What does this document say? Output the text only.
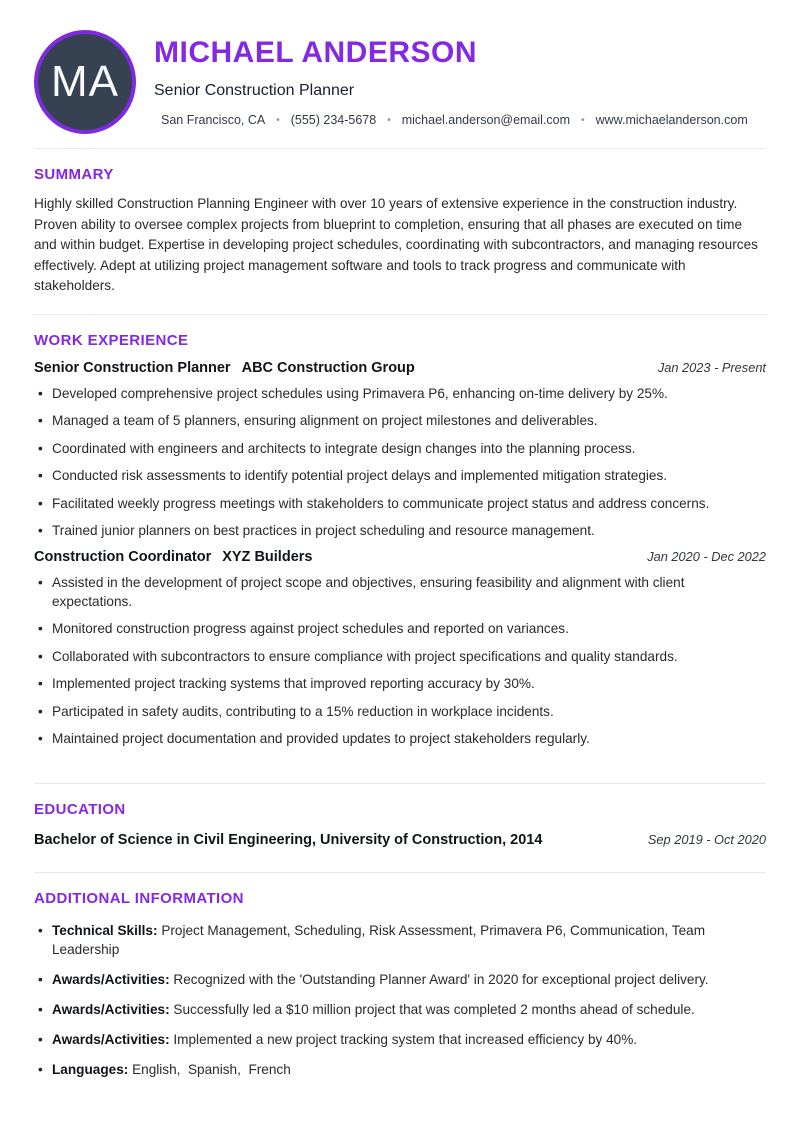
MA
MICHAEL ANDERSON
Senior Construction Planner
San Francisco, CA • (555) 234-5678 • michael.anderson@email.com • www.michaelanderson.com
SUMMARY
Highly skilled Construction Planning Engineer with over 10 years of extensive experience in the construction industry. Proven ability to oversee complex projects from blueprint to completion, ensuring that all phases are executed on time and within budget. Expertise in developing project schedules, coordinating with subcontractors, and managing resources effectively. Adept at utilizing project management software and tools to track progress and communicate with stakeholders.
WORK EXPERIENCE
Senior Construction Planner ABC Construction Group	Jan 2023 - Present
• Developed comprehensive project schedules using Primavera P6, enhancing on-time delivery by 25%.
• Managed a team of 5 planners, ensuring alignment on project milestones and deliverables.
• Coordinated with engineers and architects to integrate design changes into the planning process.
• Conducted risk assessments to identify potential project delays and implemented mitigation strategies.
• Facilitated weekly progress meetings with stakeholders to communicate project status and address concerns.
• Trained junior planners on best practices in project scheduling and resource management.
Construction Coordinator XYZ Builders	Jan 2020 - Dec 2022
• Assisted in the development of project scope and objectives, ensuring feasibility and alignment with client expectations.
• Monitored construction progress against project schedules and reported on variances.
• Collaborated with subcontractors to ensure compliance with project specifications and quality standards.
• Implemented project tracking systems that improved reporting accuracy by 30%.
• Participated in safety audits, contributing to a 15% reduction in workplace incidents.
• Maintained project documentation and provided updates to project stakeholders regularly.
EDUCATION
Bachelor of Science in Civil Engineering, University of Construction, 2014	Sep 2019 - Oct 2020
ADDITIONAL INFORMATION
• Technical Skills: Project Management, Scheduling, Risk Assessment, Primavera P6, Communication, Team Leadership
• Awards/Activities: Recognized with the 'Outstanding Planner Award' in 2020 for exceptional project delivery.
• Awards/Activities: Successfully led a $10 million project that was completed 2 months ahead of schedule.
• Awards/Activities: Implemented a new project tracking system that increased efficiency by 40%.
• Languages: English,  Spanish,  French
